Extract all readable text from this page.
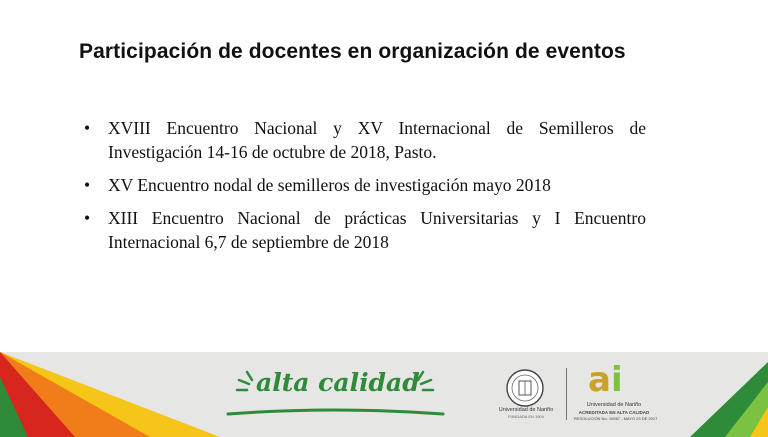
Participación de docentes en organización de eventos
• XVIII Encuentro Nacional y XV Internacional de Semilleros de Investigación 14-16 de octubre de 2018, Pasto.
• XV Encuentro nodal de semilleros de investigación mayo 2018
• XIII Encuentro Nacional de prácticas Universitarias y I Encuentro Internacional 6,7 de septiembre de 2018
alta calidad
Universidad de Nariño
FUNDADA EN 1904
ai
Universidad de Nariño
ACREDITADA EN ALTA CALIDAD
RESOLUCIÓN No. 10567 - MAYO 23 DE 2017
